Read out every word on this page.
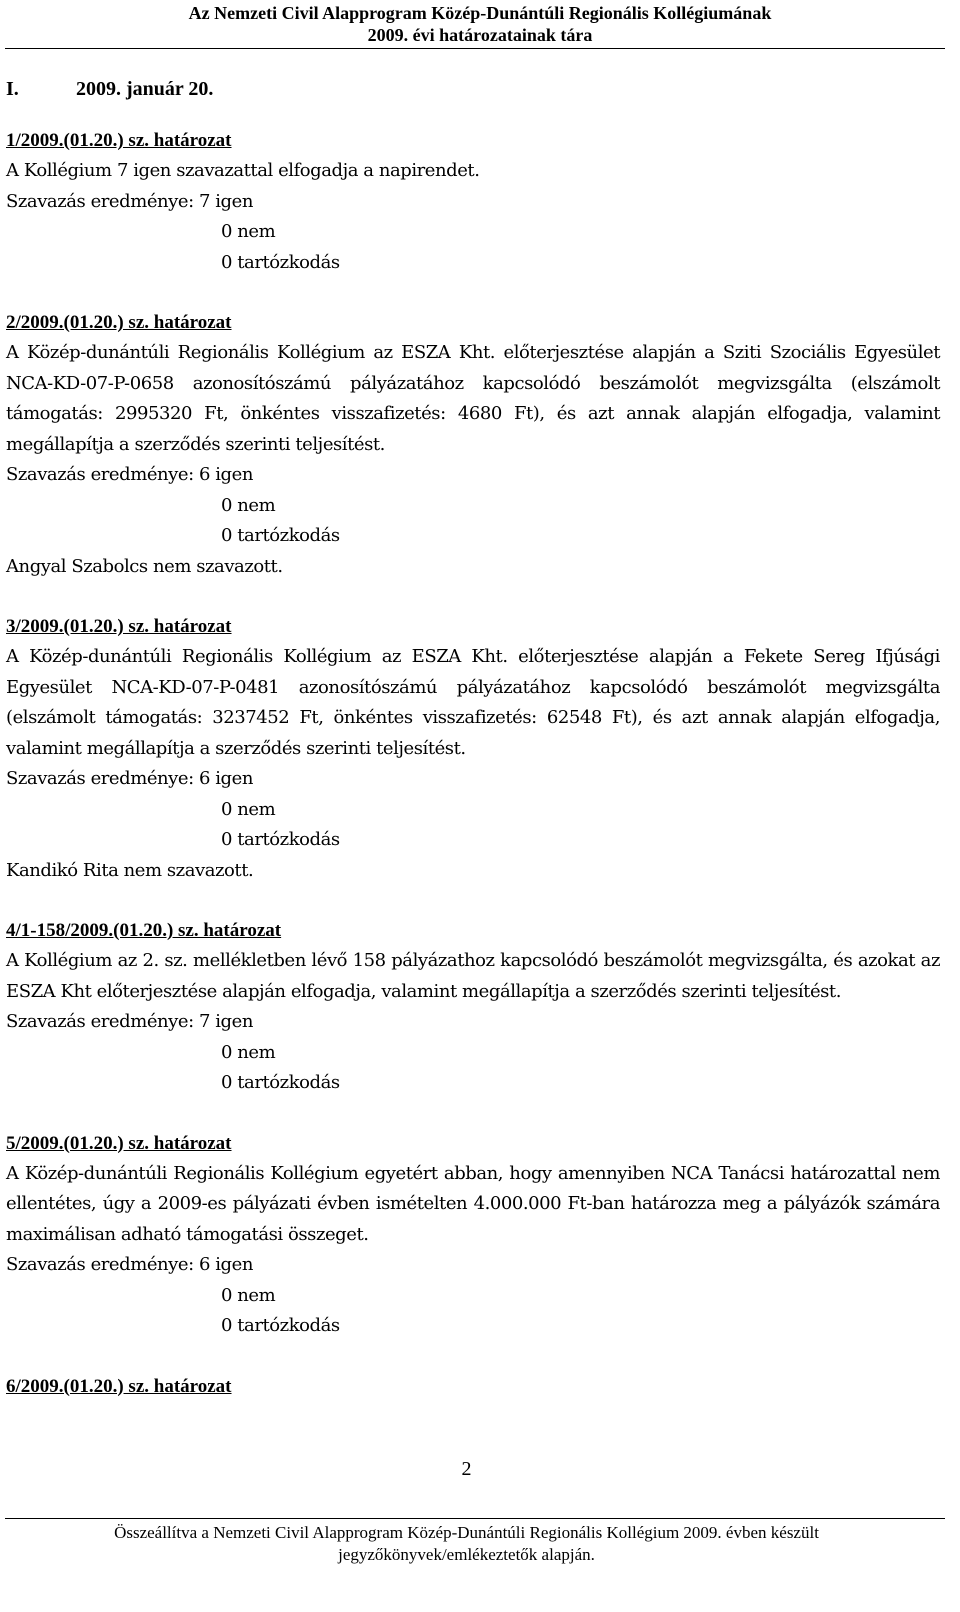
Az Nemzeti Civil Alapprogram Közép-Dunántúli Regionális Kollégiumának
2009. évi határozatainak tára
I.	2009. január 20.
1/2009.(01.20.) sz. határozat
A Kollégium 7 igen szavazattal elfogadja a napirendet.
Szavazás eredménye: 7 igen
0 nem
0 tartózkodás
2/2009.(01.20.) sz. határozat
A Közép-dunántúli Regionális Kollégium az ESZA Kht. előterjesztése alapján a Sziti Szociális Egyesület NCA-KD-07-P-0658 azonosítószámú pályázatához kapcsolódó beszámolót megvizsgálta (elszámolt támogatás: 2995320 Ft, önkéntes visszafizetés: 4680 Ft), és azt annak alapján elfogadja, valamint megállapítja a szerződés szerinti teljesítést.
Szavazás eredménye: 6 igen
0 nem
0 tartózkodás
Angyal Szabolcs nem szavazott.
3/2009.(01.20.) sz. határozat
A Közép-dunántúli Regionális Kollégium az ESZA Kht. előterjesztése alapján a Fekete Sereg Ifjúsági Egyesület NCA-KD-07-P-0481 azonosítószámú pályázatához kapcsolódó beszámolót megvizsgálta (elszámolt támogatás: 3237452 Ft, önkéntes visszafizetés: 62548 Ft), és azt annak alapján elfogadja, valamint megállapítja a szerződés szerinti teljesítést.
Szavazás eredménye: 6 igen
0 nem
0 tartózkodás
Kandikó Rita nem szavazott.
4/1-158/2009.(01.20.) sz. határozat
A Kollégium az 2. sz. mellékletben lévő 158 pályázathoz kapcsolódó beszámolót megvizsgálta, és azokat az ESZA Kht előterjesztése alapján elfogadja, valamint megállapítja a szerződés szerinti teljesítést.
Szavazás eredménye: 7 igen
0 nem
0 tartózkodás
5/2009.(01.20.) sz. határozat
A Közép-dunántúli Regionális Kollégium egyetért abban, hogy amennyiben NCA Tanácsi határozattal nem ellentétes, úgy a 2009-es pályázati évben ismételten 4.000.000 Ft-ban határozza meg a pályázók számára maximálisan adható támogatási összeget.
Szavazás eredménye: 6 igen
0 nem
0 tartózkodás
6/2009.(01.20.) sz. határozat
2
Összeállítva a Nemzeti Civil Alapprogram Közép-Dunántúli Regionális Kollégium 2009. évben készült
jegyzőkönyvek/emlékeztetők alapján.
